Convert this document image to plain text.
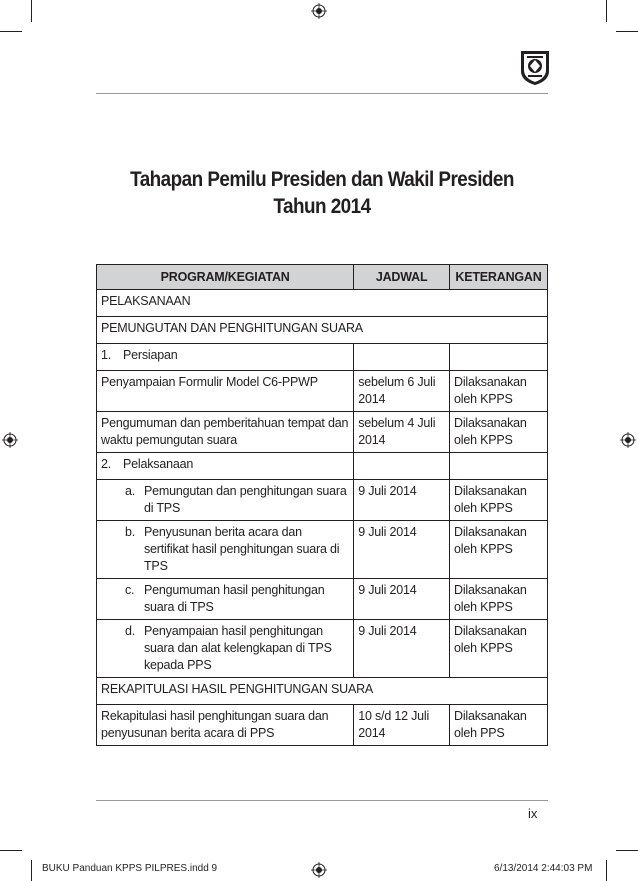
Tahapan Pemilu Presiden dan Wakil Presiden
Tahun 2014
PROGRAM/KEGIATAN	JADWAL	KETERANGAN
PELAKSANAAN		
PEMUNGUTAN DAN PENGHITUNGAN SUARA		
1. Persiapan		
Penyampaian Formulir Model C6-PPWP	sebelum 6 Juli 2014	Dilaksanakan oleh KPPS
Pengumuman dan pemberitahuan tempat dan waktu pemungutan suara	sebelum 4 Juli 2014	Dilaksanakan oleh KPPS
2. Pelaksanaan		

a. Pemungutan dan penghitungan suara di TPS	9 Juli 2014	Dilaksanakan oleh KPPS

b. Penyusunan berita acara dan sertifikat hasil penghitungan suara di TPS	9 Juli 2014	Dilaksanakan oleh KPPS

c. Pengumuman hasil penghitungan suara di TPS	9 Juli 2014	Dilaksanakan oleh KPPS

d. Penyampaian hasil penghitungan suara dan alat kelengkapan di TPS kepada PPS	9 Juli 2014	Dilaksanakan oleh KPPS
REKAPITULASI HASIL PENGHITUNGAN SUARA		
Rekapitulasi hasil penghitungan suara dan penyusunan berita acara di PPS	10 s/d 12 Juli 2014	Dilaksanakan oleh PPS
ix
BUKU Panduan KPPS PILPRES.indd 9	6/13/2014 2:44:03 PM
